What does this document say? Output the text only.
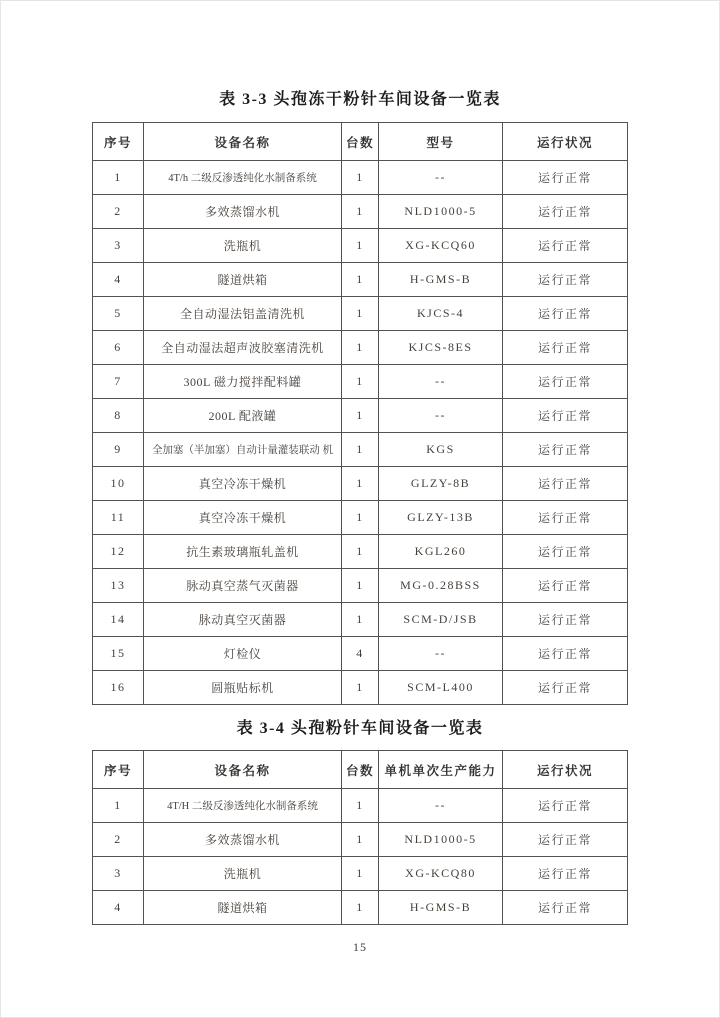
表 3-3 头孢冻干粉针车间设备一览表
序号	设备名称	台数	型号	运行状况
1	4T/h 二级反渗透纯化水制备系统	1	--	运行正常
2	多效蒸馏水机	1	NLD1000-5	运行正常
3	洗瓶机	1	XG-KCQ60	运行正常
4	隧道烘箱	1	H-GMS-B	运行正常
5	全自动湿法铝盖清洗机	1	KJCS-4	运行正常
6	全自动湿法超声波胶塞清洗机	1	KJCS-8ES	运行正常
7	300L 磁力搅拌配料罐	1	--	运行正常
8	200L 配液罐	1	--	运行正常
9	全加塞（半加塞）自动计量灌装联动 机	1	KGS	运行正常
10	真空冷冻干燥机	1	GLZY-8B	运行正常
11	真空冷冻干燥机	1	GLZY-13B	运行正常
12	抗生素玻璃瓶轧盖机	1	KGL260	运行正常
13	脉动真空蒸气灭菌器	1	MG-0.28BSS	运行正常
14	脉动真空灭菌器	1	SCM-D/JSB	运行正常
15	灯检仪	4	--	运行正常
16	圆瓶贴标机	1	SCM-L400	运行正常
表 3-4 头孢粉针车间设备一览表
序号	设备名称	台数	单机单次生产能力	运行状况
1	4T/H 二级反渗透纯化水制备系统	1	--	运行正常
2	多效蒸馏水机	1	NLD1000-5	运行正常
3	洗瓶机	1	XG-KCQ80	运行正常
4	隧道烘箱	1	H-GMS-B	运行正常
15
